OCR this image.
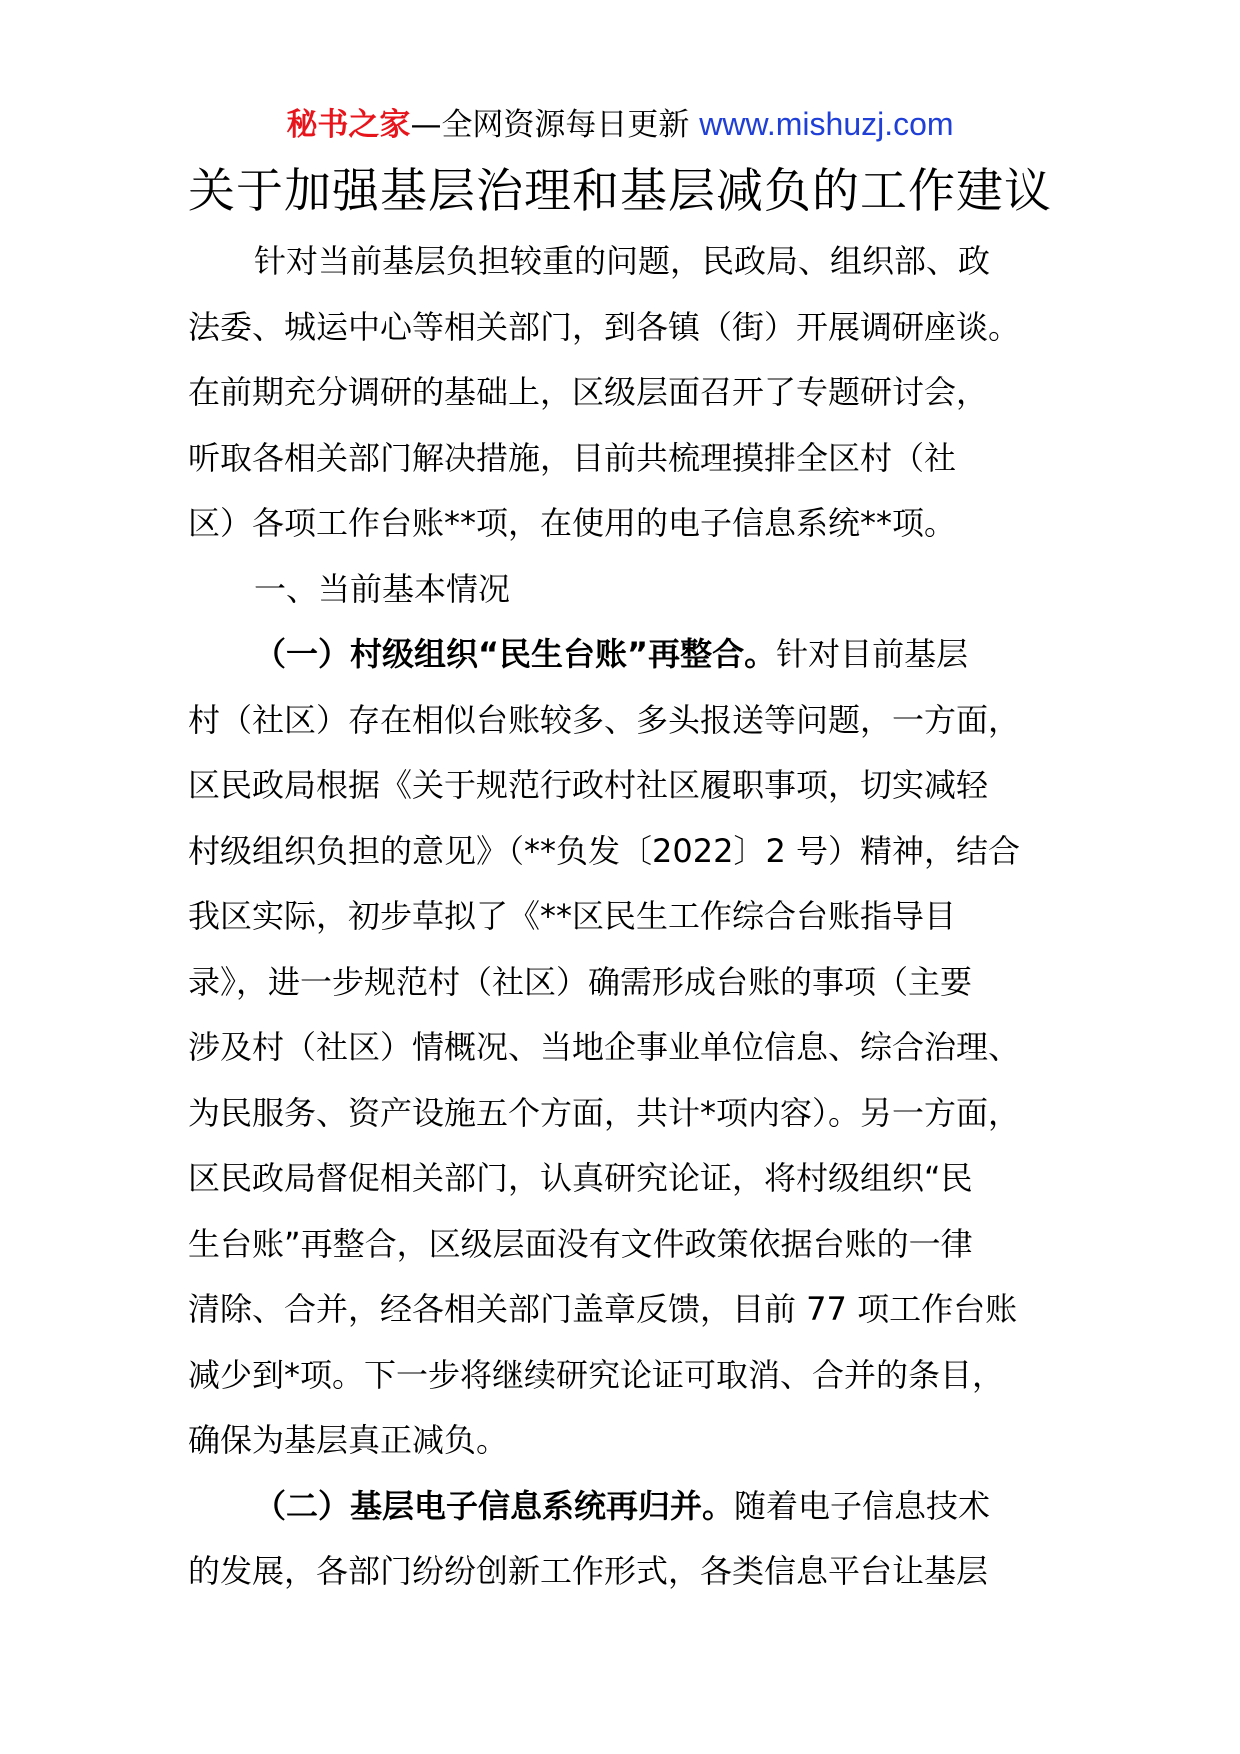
秘书之家—全网资源每日更新 www.mishuzj.com
关于加强基层治理和基层减负的工作建议
针对当前基层负担较重的问题，民政局、组织部、政
法委、城运中心等相关部门，到各镇（街）开展调研座谈。
在前期充分调研的基础上，区级层面召开了专题研讨会，
听取各相关部门解决措施，目前共梳理摸排全区村（社
区）各项工作台账**项，在使用的电子信息系统**项。
一、当前基本情况
（一）村级组织“民生台账”再整合。针对目前基层
村（社区）存在相似台账较多、多头报送等问题，一方面，
区民政局根据《关于规范行政村社区履职事项，切实减轻
村级组织负担的意见》（**负发〔2022〕2 号）精神，结合
我区实际，初步草拟了《**区民生工作综合台账指导目
录》，进一步规范村（社区）确需形成台账的事项（主要
涉及村（社区）情概况、当地企事业单位信息、综合治理、
为民服务、资产设施五个方面，共计*项内容）。另一方面，
区民政局督促相关部门，认真研究论证，将村级组织“民
生台账”再整合，区级层面没有文件政策依据台账的一律
清除、合并，经各相关部门盖章反馈，目前 77 项工作台账
减少到*项。下一步将继续研究论证可取消、合并的条目，
确保为基层真正减负。
（二）基层电子信息系统再归并。随着电子信息技术
的发展，各部门纷纷创新工作形式，各类信息平台让基层
